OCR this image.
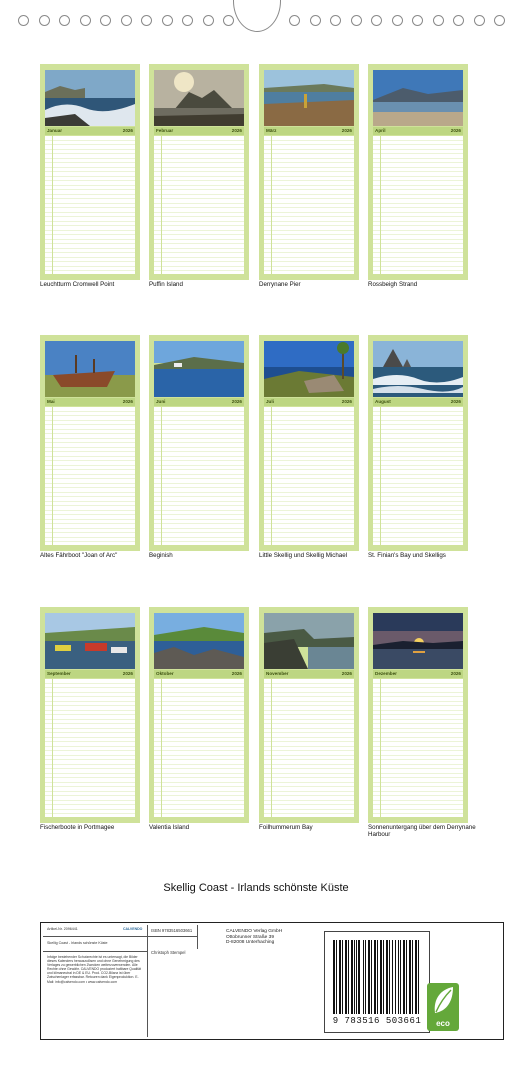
Januar	2026
Leuchtturm Cromwell Point
Februar	2026
Puffin Island
März	2026
Derrynane Pier
April	2026
Rossbeigh Strand
Mai	2026
Altes Fährboot "Joan of Arc"
Juni	2026
Beginish
Juli	2026
Little Skellig und Skellig Michael
August	2026
St. Finian's Bay und Skelligs
September	2026
Fischerboote in Portmagee
Oktober	2026
Valentia Island
November	2026
Foilhummerum Bay
Dezember	2026
Sonnenuntergang über dem Derrynane Harbour
Skellig Coast - Irlands schönste Küste
Artikel-Nr. 2096441	CALVENDO
Skellig Coast - Irlands schönste Küste
Infolge bestehender Schutzrechte ist es untersagt, die Bilder dieses Kalenders herauszulösen und ohne Genehmigung des Verlages zu gewerblichen Zwecken weiterzuverwenden. Alle Rechte ohne Gewähr. CALVENDO produziert haltbare Qualität und klimaneutral in DE & EU. Prod. CO2-Bilanz ist über Zwischenlager erfassbar. Retouren dank Eigenproduktion. E-Mail: info@calvendo.com • www.calvendo.com
ISBN 9783516503661
Christoph Stempel
CALVENDO Verlag GmbH
Ottobrunner Straße 39
D-82008 Unterhaching
9 783516 503661	eco
